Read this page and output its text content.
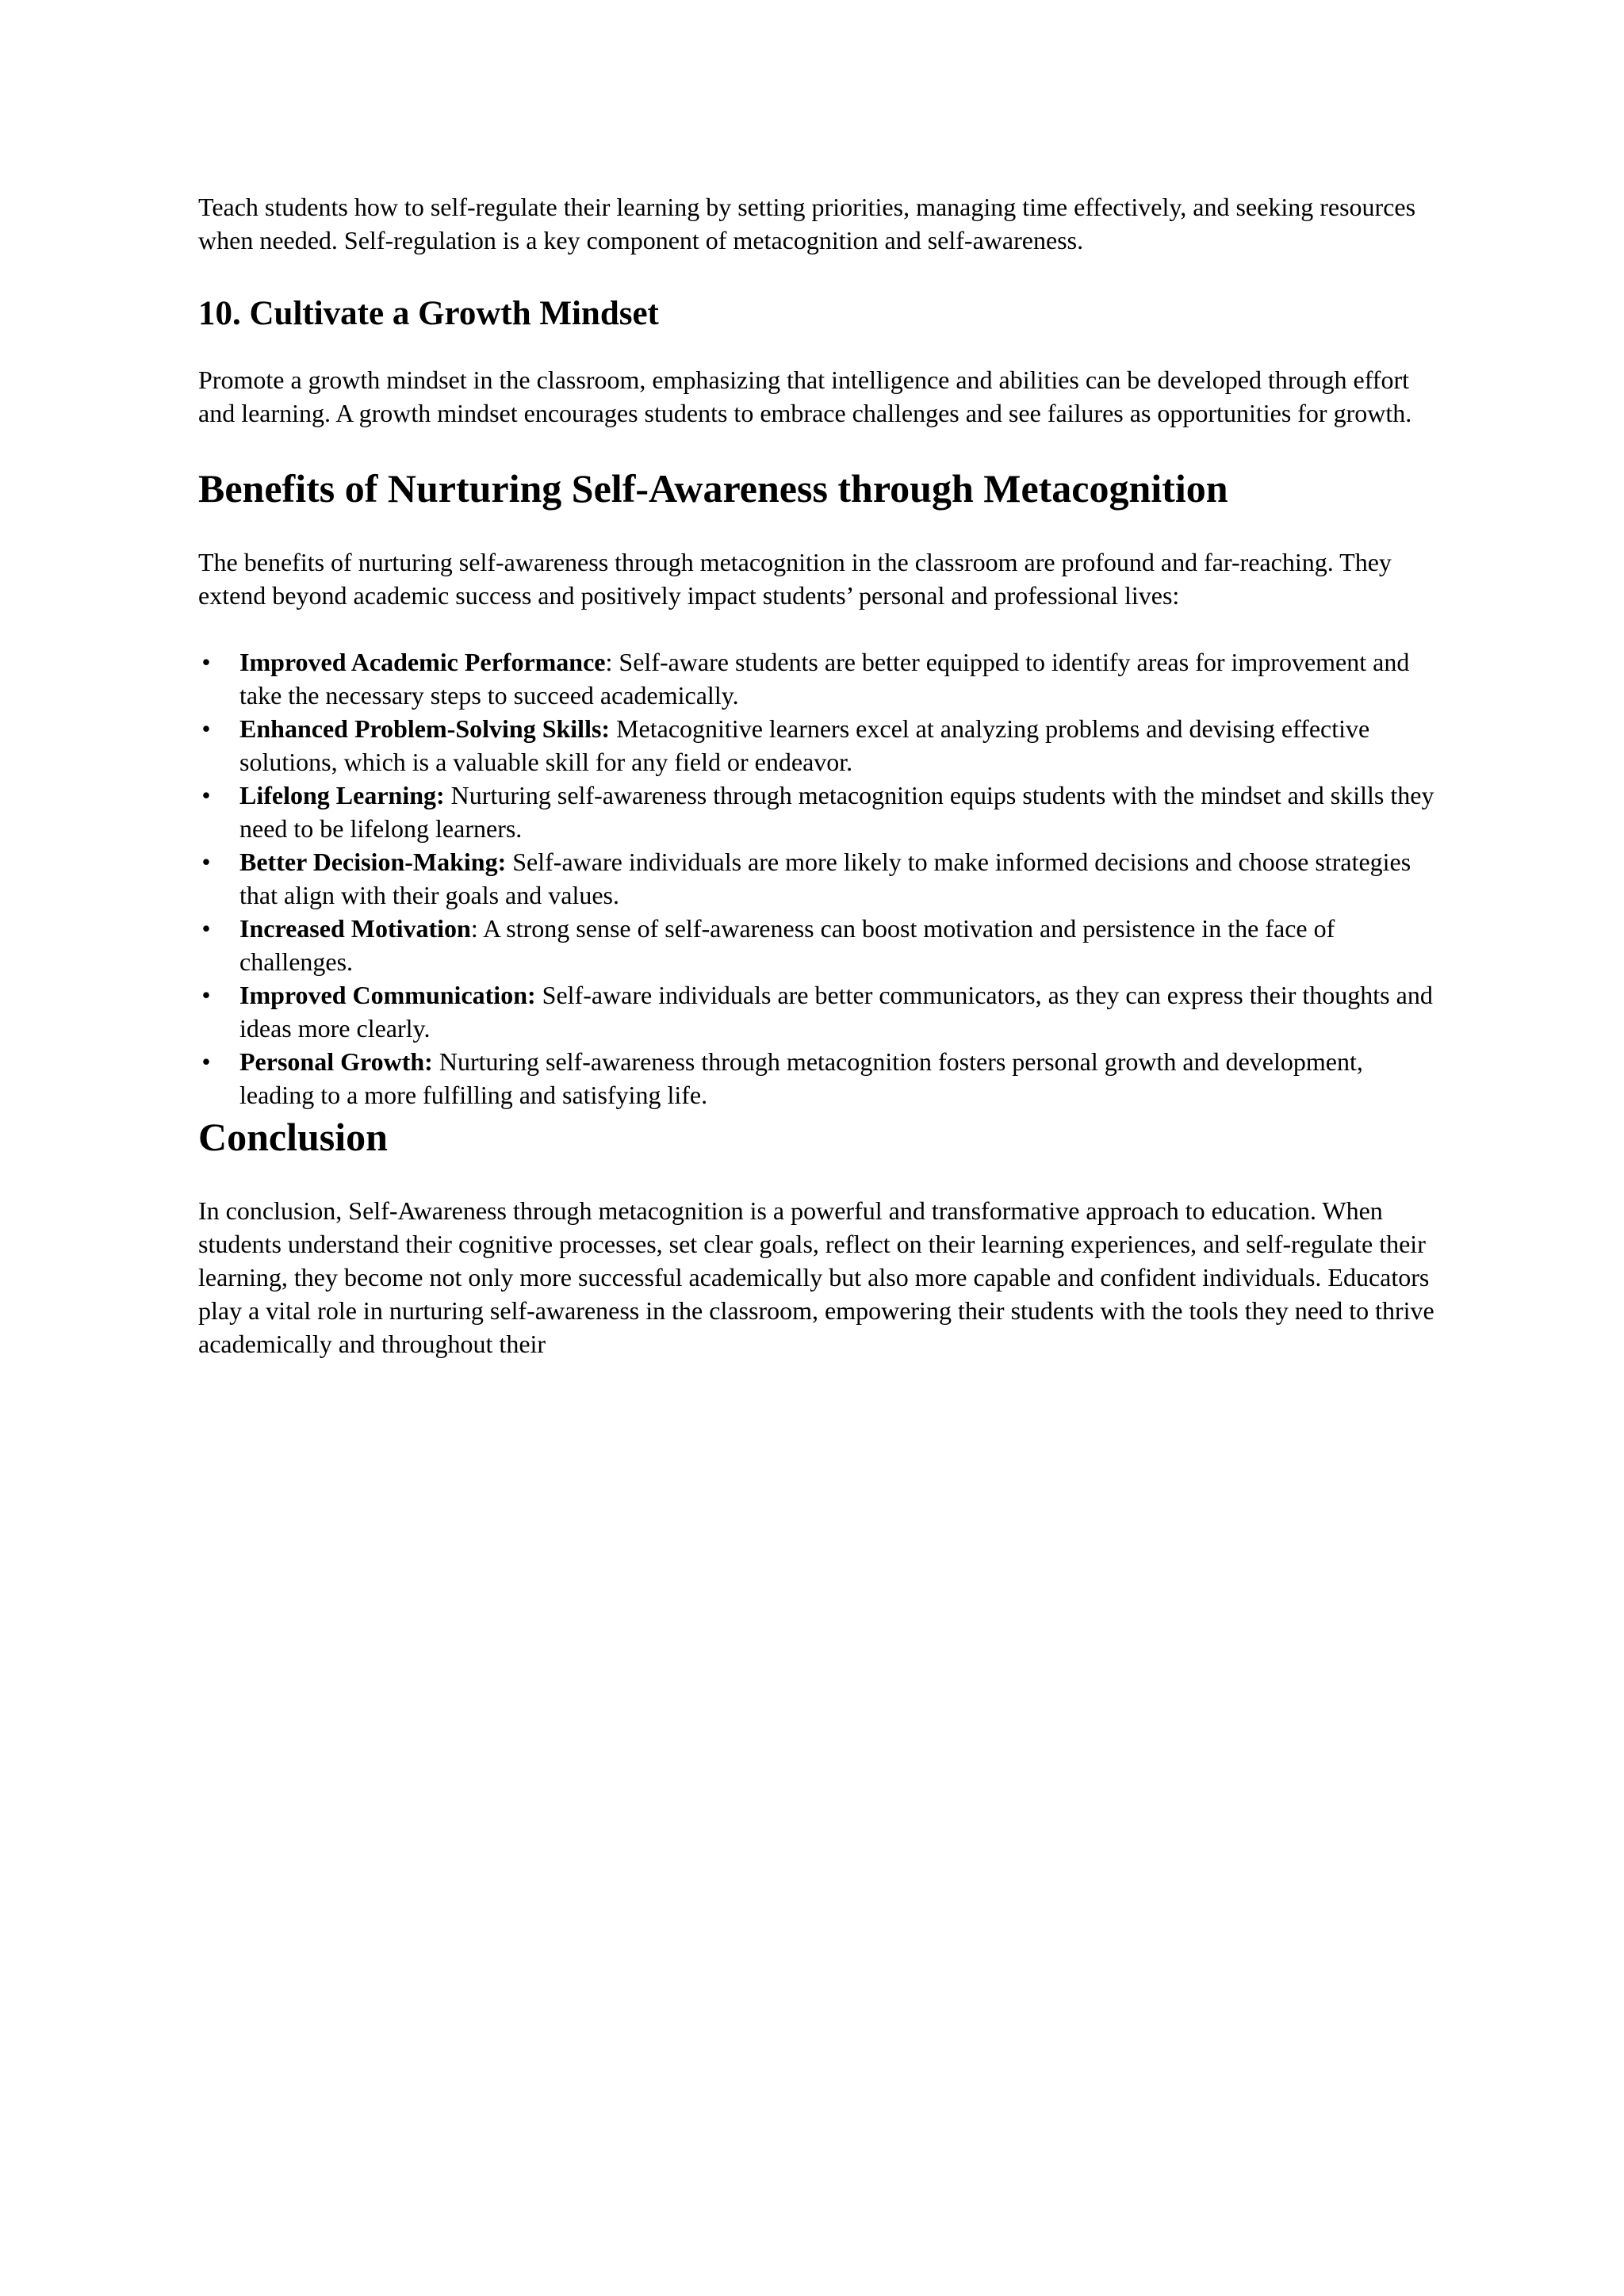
Teach students how to self-regulate their learning by setting priorities, managing time effectively, and seeking resources when needed. Self-regulation is a key component of metacognition and self-awareness.

10. Cultivate a Growth Mindset

Promote a growth mindset in the classroom, emphasizing that intelligence and abilities can be developed through effort and learning. A growth mindset encourages students to embrace challenges and see failures as opportunities for growth.

Benefits of Nurturing Self-Awareness through Metacognition

The benefits of nurturing self-awareness through metacognition in the classroom are profound and far-reaching. They extend beyond academic success and positively impact students’ personal and professional lives:

• Improved Academic Performance: Self-aware students are better equipped to identify areas for improvement and take the necessary steps to succeed academically.
• Enhanced Problem-Solving Skills: Metacognitive learners excel at analyzing problems and devising effective solutions, which is a valuable skill for any field or endeavor.
• Lifelong Learning: Nurturing self-awareness through metacognition equips students with the mindset and skills they need to be lifelong learners.
• Better Decision-Making: Self-aware individuals are more likely to make informed decisions and choose strategies that align with their goals and values.
• Increased Motivation: A strong sense of self-awareness can boost motivation and persistence in the face of challenges.
• Improved Communication: Self-aware individuals are better communicators, as they can express their thoughts and ideas more clearly.
• Personal Growth: Nurturing self-awareness through metacognition fosters personal growth and development, leading to a more fulfilling and satisfying life.
Conclusion

In conclusion, Self-Awareness through metacognition is a powerful and transformative approach to education. When students understand their cognitive processes, set clear goals, reflect on their learning experiences, and self-regulate their learning, they become not only more successful academically but also more capable and confident individuals. Educators play a vital role in nurturing self-awareness in the classroom, empowering their students with the tools they need to thrive academically and throughout their
